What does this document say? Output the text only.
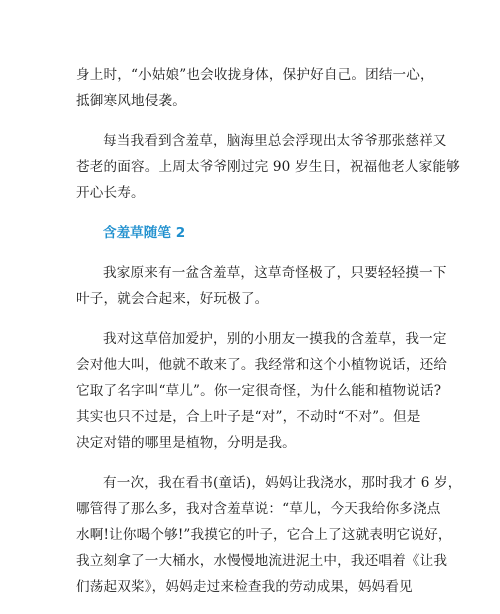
身上时，“小姑娘”也会收拢身体，保护好自己。团结一心，
抵御寒风地侵袭。

每当我看到含羞草，脑海里总会浮现出太爷爷那张慈祥又
苍老的面容。上周太爷爷刚过完 90 岁生日，祝福他老人家能够
开心长寿。

含羞草随笔 2

我家原来有一盆含羞草，这草奇怪极了，只要轻轻摸一下
叶子，就会合起来，好玩极了。

我对这草倍加爱护，别的小朋友一摸我的含羞草，我一定
会对他大叫，他就不敢来了。我经常和这个小植物说话，还给
它取了名字叫“草儿”。你一定很奇怪，为什么能和植物说话?
其实也只不过是，合上叶子是“对”，不动时“不对”。但是
决定对错的哪里是植物，分明是我。

有一次，我在看书(童话)，妈妈让我浇水，那时我才 6 岁，
哪管得了那么多，我对含羞草说：“草儿，今天我给你多浇点
水啊!让你喝个够!”我摸它的叶子，它合上了这就表明它说好，
我立刻拿了一大桶水，水慢慢地流进泥土中，我还唱着《让我
们荡起双桨》，妈妈走过来检查我的劳动成果，妈妈看见
